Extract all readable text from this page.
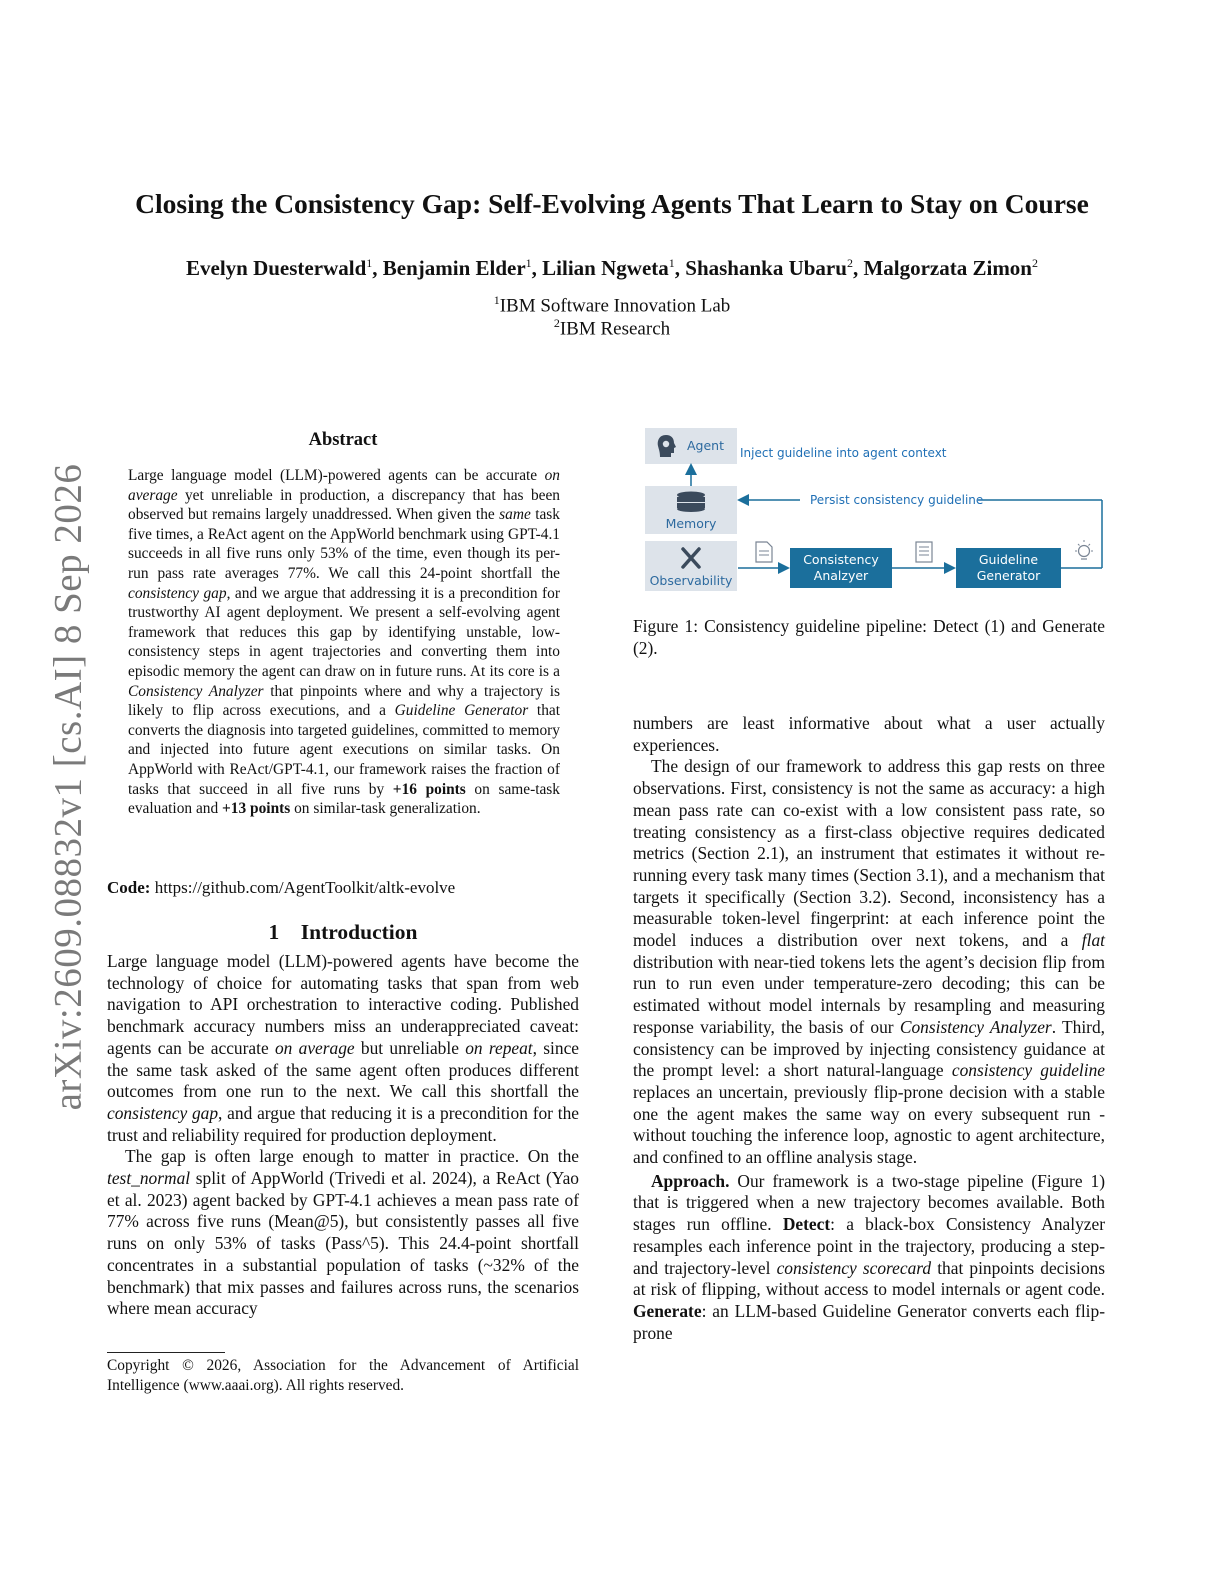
arXiv:2609.08832v1 [cs.AI] 8 Sep 2026
Closing the Consistency Gap: Self-Evolving Agents That Learn to Stay on Course
Evelyn Duesterwald$^1$, Benjamin Elder$^1$, Lilian Ngweta$^1$, Shashanka Ubaru$^2$, Malgorzata Zimon$^2$
$^1$IBM Software Innovation Lab
$^2$IBM Research
Abstract
Large language model (LLM)-powered agents can be accurate on average yet unreliable in production, a discrepancy that has been observed but remains largely unaddressed. When given the same task five times, a ReAct agent on the AppWorld benchmark using GPT-4.1 succeeds in all five runs only 53% of the time, even though its per-run pass rate averages 77%. We call this 24-point shortfall the consistency gap, and we argue that addressing it is a precondition for trustworthy AI agent deployment. We present a self-evolving agent framework that reduces this gap by identifying unstable, low-consistency steps in agent trajectories and converting them into episodic memory the agent can draw on in future runs. At its core is a Consistency Analyzer that pinpoints where and why a trajectory is likely to flip across executions, and a Guideline Generator that converts the diagnosis into targeted guidelines, committed to memory and injected into future agent executions on similar tasks. On AppWorld with ReAct/GPT-4.1, our framework raises the fraction of tasks that succeed in all five runs by +16 points on same-task evaluation and +13 points on similar-task generalization.
Code: https://github.com/AgentToolkit/altk-evolve
1 Introduction

Large language model (LLM)-powered agents have become the technology of choice for automating tasks that span from web navigation to API orchestration to interactive coding. Published benchmark accuracy numbers miss an underappreciated caveat: agents can be accurate on average but unreliable on repeat, since the same task asked of the same agent often produces different outcomes from one run to the next. We call this shortfall the consistency gap, and argue that reducing it is a precondition for the trust and reliability required for production deployment.

The gap is often large enough to matter in practice. On the test_normal split of AppWorld (Trivedi et al. 2024), a ReAct (Yao et al. 2023) agent backed by GPT-4.1 achieves a mean pass rate of 77% across five runs (Mean@5), but consistently passes all five runs on only 53% of tasks (Pass^5). This 24.4-point shortfall concentrates in a substantial population of tasks (~32% of the benchmark) that mix passes and failures across runs, the scenarios where mean accuracy

Copyright © 2026, Association for the Advancement of Artificial Intelligence (www.aaai.org). All rights reserved.
Agent
Memory
Observability
Consistency Analzyer
Guideline Generator
Inject guideline into agent context
Persist consistency guideline
Figure 1: Consistency guideline pipeline: Detect (1) and Generate (2).

numbers are least informative about what a user actually experiences.

The design of our framework to address this gap rests on three observations. First, consistency is not the same as accuracy: a high mean pass rate can co-exist with a low consistent pass rate, so treating consistency as a first-class objective requires dedicated metrics (Section 2.1), an instrument that estimates it without re-running every task many times (Section 3.1), and a mechanism that targets it specifically (Section 3.2). Second, inconsistency has a measurable token-level fingerprint: at each inference point the model induces a distribution over next tokens, and a flat distribution with near-tied tokens lets the agent’s decision flip from run to run even under temperature-zero decoding; this can be estimated without model internals by resampling and measuring response variability, the basis of our Consistency Analyzer. Third, consistency can be improved by injecting consistency guidance at the prompt level: a short natural-language consistency guideline replaces an uncertain, previously flip-prone decision with a stable one the agent makes the same way on every subsequent run - without touching the inference loop, agnostic to agent architecture, and confined to an offline analysis stage.

Approach. Our framework is a two-stage pipeline (Figure 1) that is triggered when a new trajectory becomes available. Both stages run offline. Detect: a black-box Consistency Analyzer resamples each inference point in the trajectory, producing a step- and trajectory-level consistency scorecard that pinpoints decisions at risk of flipping, without access to model internals or agent code. Generate: an LLM-based Guideline Generator converts each flip-prone
